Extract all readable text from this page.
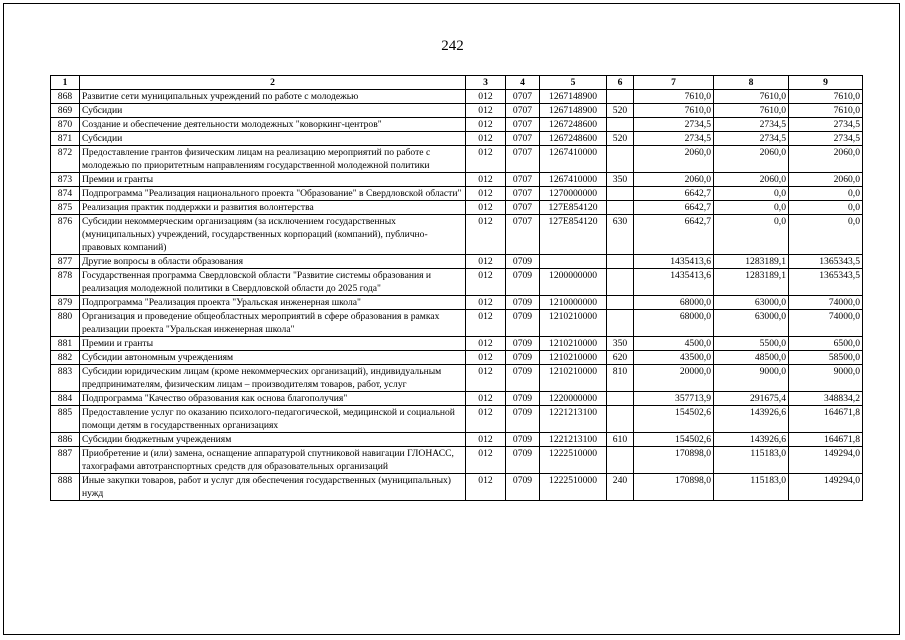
242
1	2	3	4	5	6	7	8	9
868	Развитие сети муниципальных учреждений по работе с молодежью	012	0707	1267148900		7610,0	7610,0	7610,0
869	Субсидии	012	0707	1267148900	520	7610,0	7610,0	7610,0
870	Создание и обеспечение деятельности молодежных "коворкинг-центров"	012	0707	1267248600		2734,5	2734,5	2734,5
871	Субсидии	012	0707	1267248600	520	2734,5	2734,5	2734,5
872	Предоставление грантов физическим лицам на реализацию мероприятий по работе с молодежью по приоритетным направлениям государственной молодежной политики	012	0707	1267410000		2060,0	2060,0	2060,0
873	Премии и гранты	012	0707	1267410000	350	2060,0	2060,0	2060,0
874	Подпрограмма "Реализация национального проекта "Образование" в Свердловской области"	012	0707	1270000000		6642,7	0,0	0,0
875	Реализация практик поддержки и развития волонтерства	012	0707	127E854120		6642,7	0,0	0,0
876	Субсидии некоммерческим организациям (за исключением государственных (муниципальных) учреждений, государственных корпораций (компаний), публично-правовых компаний)	012	0707	127E854120	630	6642,7	0,0	0,0
877	Другие вопросы в области образования	012	0709			1435413,6	1283189,1	1365343,5
878	Государственная программа Свердловской области "Развитие системы образования и реализация молодежной политики в Свердловской области до 2025 года"	012	0709	1200000000		1435413,6	1283189,1	1365343,5
879	Подпрограмма "Реализация проекта "Уральская инженерная школа"	012	0709	1210000000		68000,0	63000,0	74000,0
880	Организация и проведение общеобластных мероприятий в сфере образования в рамках реализации проекта "Уральская инженерная школа"	012	0709	1210210000		68000,0	63000,0	74000,0
881	Премии и гранты	012	0709	1210210000	350	4500,0	5500,0	6500,0
882	Субсидии автономным учреждениям	012	0709	1210210000	620	43500,0	48500,0	58500,0
883	Субсидии юридическим лицам (кроме некоммерческих организаций), индивидуальным предпринимателям, физическим лицам – производителям товаров, работ, услуг	012	0709	1210210000	810	20000,0	9000,0	9000,0
884	Подпрограмма "Качество образования как основа благополучия"	012	0709	1220000000		357713,9	291675,4	348834,2
885	Предоставление услуг по оказанию психолого-педагогической, медицинской и социальной помощи детям в государственных организациях	012	0709	1221213100		154502,6	143926,6	164671,8
886	Субсидии бюджетным учреждениям	012	0709	1221213100	610	154502,6	143926,6	164671,8
887	Приобретение и (или) замена, оснащение аппаратурой спутниковой навигации ГЛОНАСС, тахографами автотранспортных средств для образовательных организаций	012	0709	1222510000		170898,0	115183,0	149294,0
888	Иные закупки товаров, работ и услуг для обеспечения государственных (муниципальных) нужд	012	0709	1222510000	240	170898,0	115183,0	149294,0
